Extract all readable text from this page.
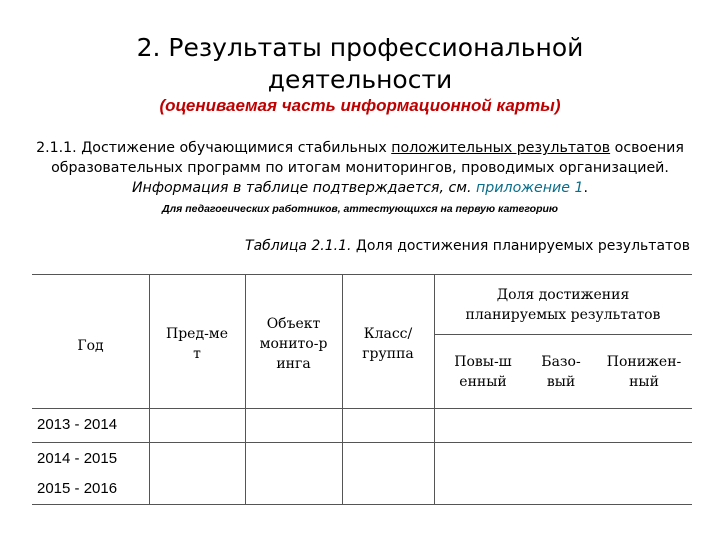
2. Результаты профессиональной
деятельности
(оцениваемая часть информационной карты)
2.1.1. Достижение обучающимися стабильных положительных результатов освоения образовательных программ по итогам мониторингов, проводимых организацией. Информация в таблице подтверждается, см. приложение 1.
Для педагоеических работников, аттестующихся на первую категорию
Таблица 2.1.1. Доля достижения планируемых результатов
Год
Пред-ме
т
Объект
монито-р
инга
Класс/
группа
Доля достижения
планируемых результатов
Повы-ш
енный
Базо-
вый
Понижен-
ный
2013 - 2014
2014 - 2015
2015 - 2016
